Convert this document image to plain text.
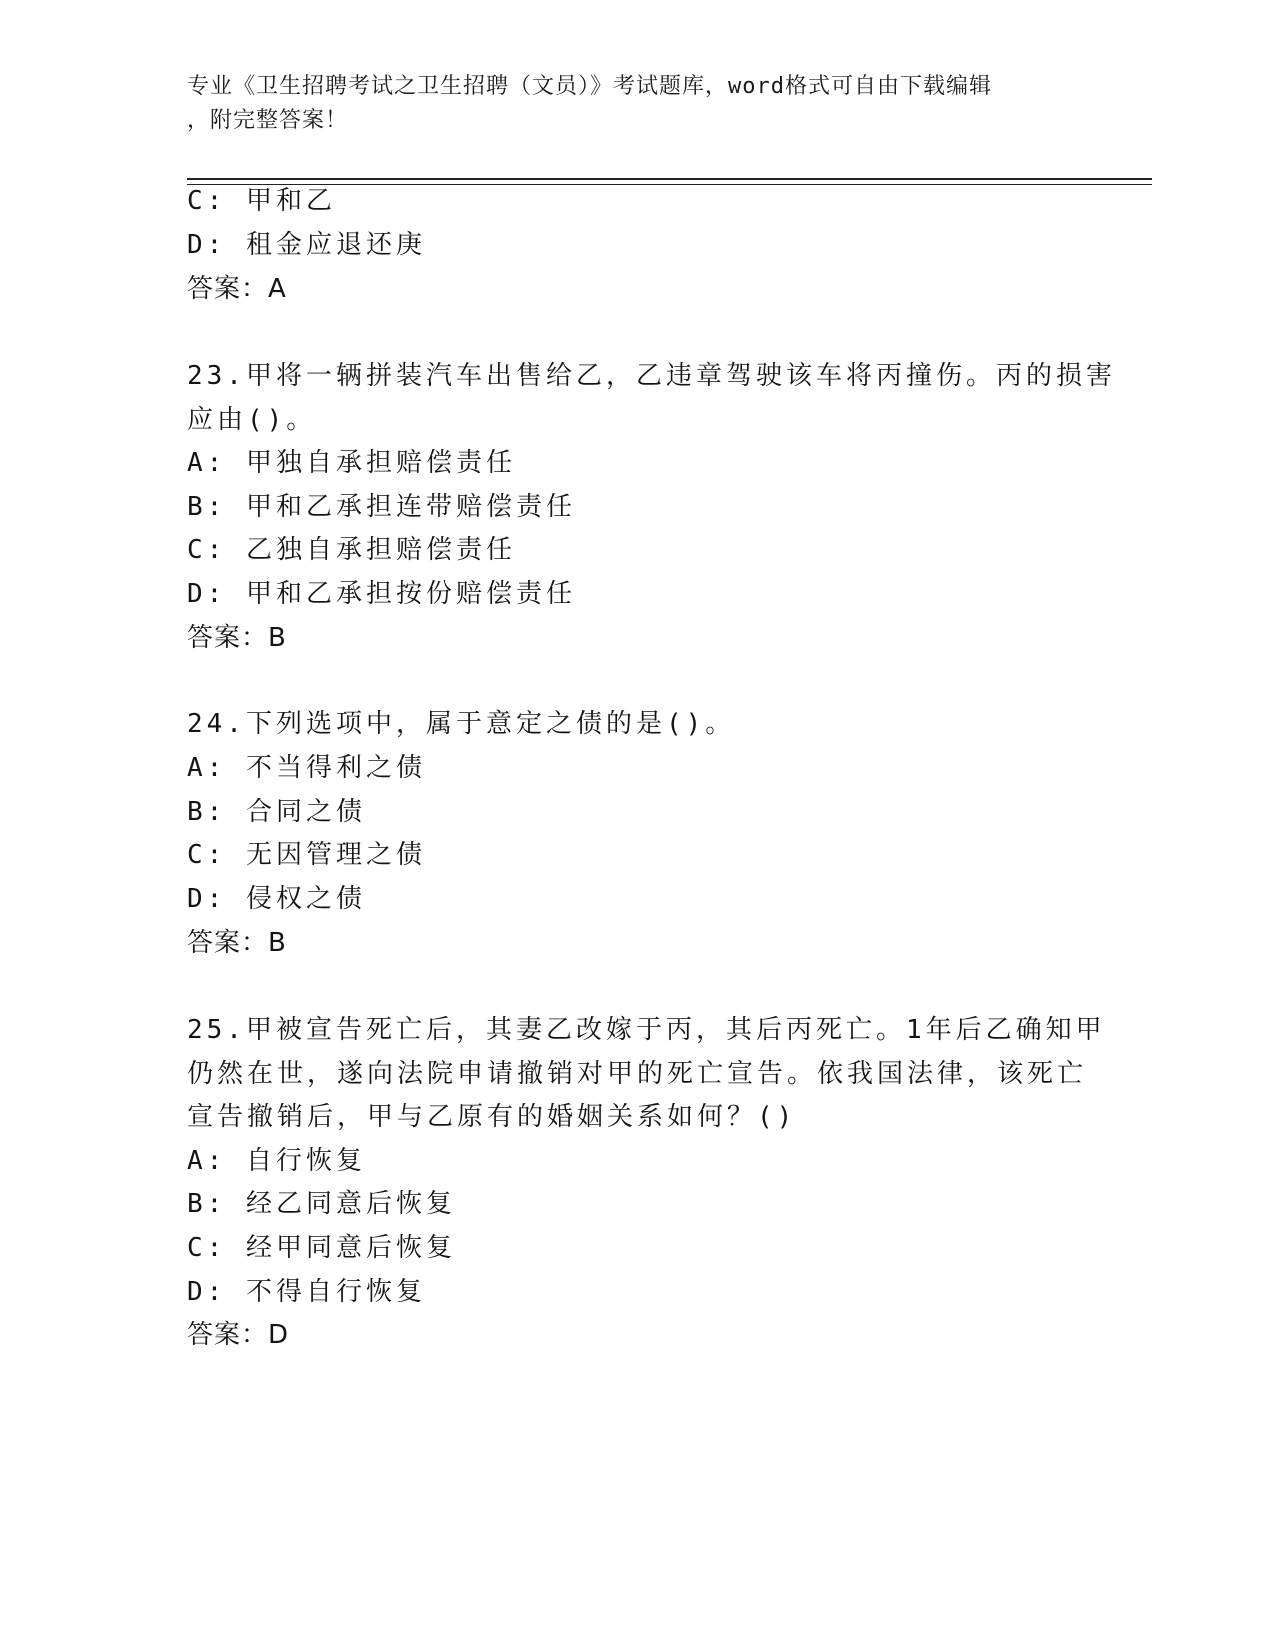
专业《卫生招聘考试之卫生招聘（文员）》考试题库，word格式可自由下载编辑
，附完整答案！
C: 甲和乙
D: 租金应退还庚
答案：A
23.甲将一辆拼装汽车出售给乙，乙违章驾驶该车将丙撞伤。丙的损害
应由()。
A: 甲独自承担赔偿责任
B: 甲和乙承担连带赔偿责任
C: 乙独自承担赔偿责任
D: 甲和乙承担按份赔偿责任
答案：B
24.下列选项中，属于意定之债的是()。
A: 不当得利之债
B: 合同之债
C: 无因管理之债
D: 侵权之债
答案：B
25.甲被宣告死亡后，其妻乙改嫁于丙，其后丙死亡。1年后乙确知甲
仍然在世，遂向法院申请撤销对甲的死亡宣告。依我国法律，该死亡
宣告撤销后，甲与乙原有的婚姻关系如何？()
A: 自行恢复
B: 经乙同意后恢复
C: 经甲同意后恢复
D: 不得自行恢复
答案：D
